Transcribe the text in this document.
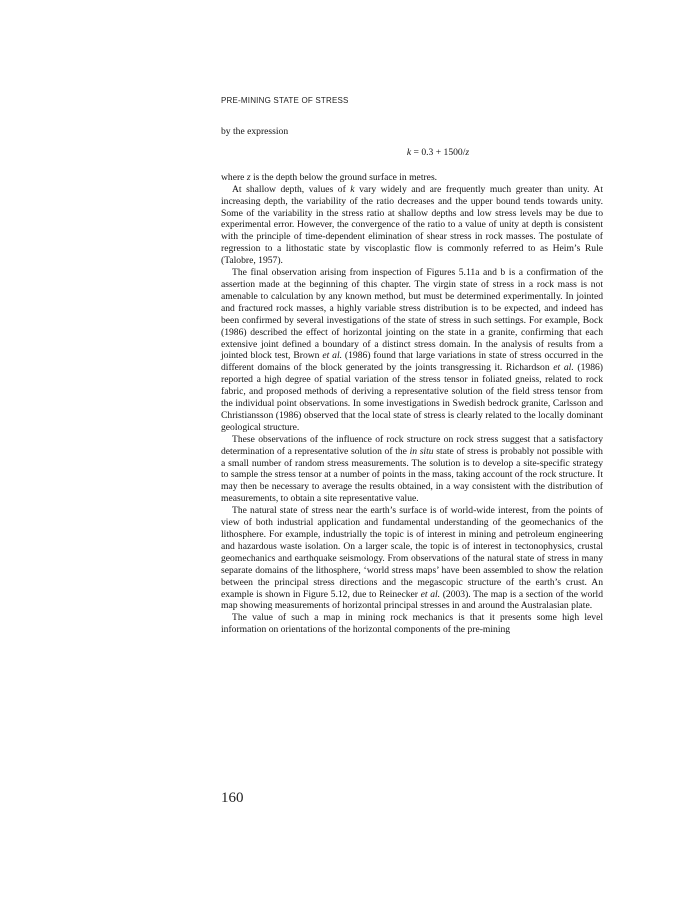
PRE-MINING STATE OF STRESS

by the expression

k = 0.3 + 1500/z

where z is the depth below the ground surface in metres.

At shallow depth, values of k vary widely and are frequently much greater than unity. At increasing depth, the variability of the ratio decreases and the upper bound tends towards unity. Some of the variability in the stress ratio at shallow depths and low stress levels may be due to experimental error. However, the convergence of the ratio to a value of unity at depth is consistent with the principle of time-dependent elimination of shear stress in rock masses. The postulate of regression to a lithostatic state by viscoplastic flow is commonly referred to as Heim’s Rule (Talobre, 1957).

The final observation arising from inspection of Figures 5.11a and b is a confirmation of the assertion made at the beginning of this chapter. The virgin state of stress in a rock mass is not amenable to calculation by any known method, but must be determined experimentally. In jointed and fractured rock masses, a highly variable stress distribution is to be expected, and indeed has been confirmed by several investigations of the state of stress in such settings. For example, Bock (1986) described the effect of horizontal jointing on the state in a granite, confirming that each extensive joint defined a boundary of a distinct stress domain. In the analysis of results from a jointed block test, Brown et al. (1986) found that large variations in state of stress occurred in the different domains of the block generated by the joints transgressing it. Richardson et al. (1986) reported a high degree of spatial variation of the stress tensor in foliated gneiss, related to rock fabric, and proposed methods of deriving a representative solution of the field stress tensor from the individual point observations. In some investigations in Swedish bedrock granite, Carlsson and Christiansson (1986) observed that the local state of stress is clearly related to the locally dominant geological structure.

These observations of the influence of rock structure on rock stress suggest that a satisfactory determination of a representative solution of the in situ state of stress is probably not possible with a small number of random stress measurements. The solution is to develop a site-specific strategy to sample the stress tensor at a number of points in the mass, taking account of the rock structure. It may then be necessary to average the results obtained, in a way consistent with the distribution of measurements, to obtain a site representative value.

The natural state of stress near the earth’s surface is of world-wide interest, from the points of view of both industrial application and fundamental understanding of the geomechanics of the lithosphere. For example, industrially the topic is of interest in mining and petroleum engineering and hazardous waste isolation. On a larger scale, the topic is of interest in tectonophysics, crustal geomechanics and earthquake seismology. From observations of the natural state of stress in many separate domains of the lithosphere, ‘world stress maps’ have been assembled to show the relation between the principal stress directions and the megascopic structure of the earth’s crust. An example is shown in Figure 5.12, due to Reinecker et al. (2003). The map is a section of the world map showing measurements of horizontal principal stresses in and around the Australasian plate.

The value of such a map in mining rock mechanics is that it presents some high level information on orientations of the horizontal components of the pre-mining

160
